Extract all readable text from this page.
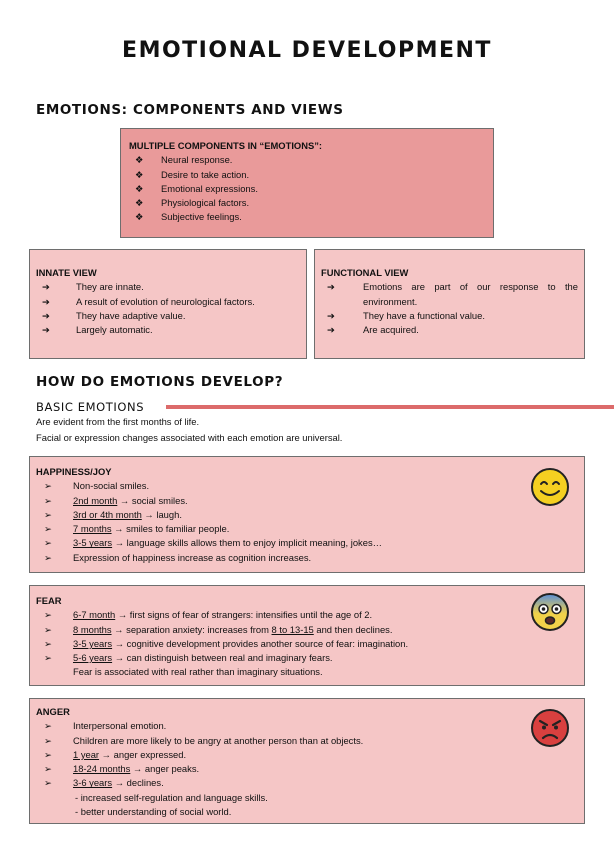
EMOTIONAL DEVELOPMENT
EMOTIONS: COMPONENTS AND VIEWS
MULTIPLE COMPONENTS IN “EMOTIONS”:
❖	Neural response.
❖	Desire to take action.
❖	Emotional expressions.
❖	Physiological factors.
❖	Subjective feelings.
INNATE VIEW
➔	They are innate.
➔	A result of evolution of neurological factors.
➔	They have adaptive value.
➔	Largely automatic.
FUNCTIONAL VIEW
➔	Emotions are part of our response to the environment.
➔	They have a functional value.
➔	Are acquired.
HOW DO EMOTIONS DEVELOP?
BASIC EMOTIONS
Are evident from the first months of life.
Facial or expression changes associated with each emotion are universal.
HAPPINESS/JOY
➢	Non-social smiles.
➢	2nd month → social smiles.
➢	3rd or 4th month → laugh.
➢	7 months → smiles to familiar people.
➢	3-5 years → language skills allows them to enjoy implicit meaning, jokes…
➢	Expression of happiness increase as cognition increases.
FEAR
➢	6-7 month → first signs of fear of strangers: intensifies until the age of 2.
➢	8 months → separation anxiety: increases from 8 to 13-15 and then declines.
➢	3-5 years → cognitive development provides another source of fear: imagination.
➢	5-6 years → can distinguish between real and imaginary fears.
Fear is associated with real rather than imaginary situations.
ANGER
➢	Interpersonal emotion.
➢	Children are more likely to be angry at another person than at objects.
➢	1 year → anger expressed.
➢	18-24 months → anger peaks.
➢	3-6 years → declines.
- increased self-regulation and language skills.
- better understanding of social world.
